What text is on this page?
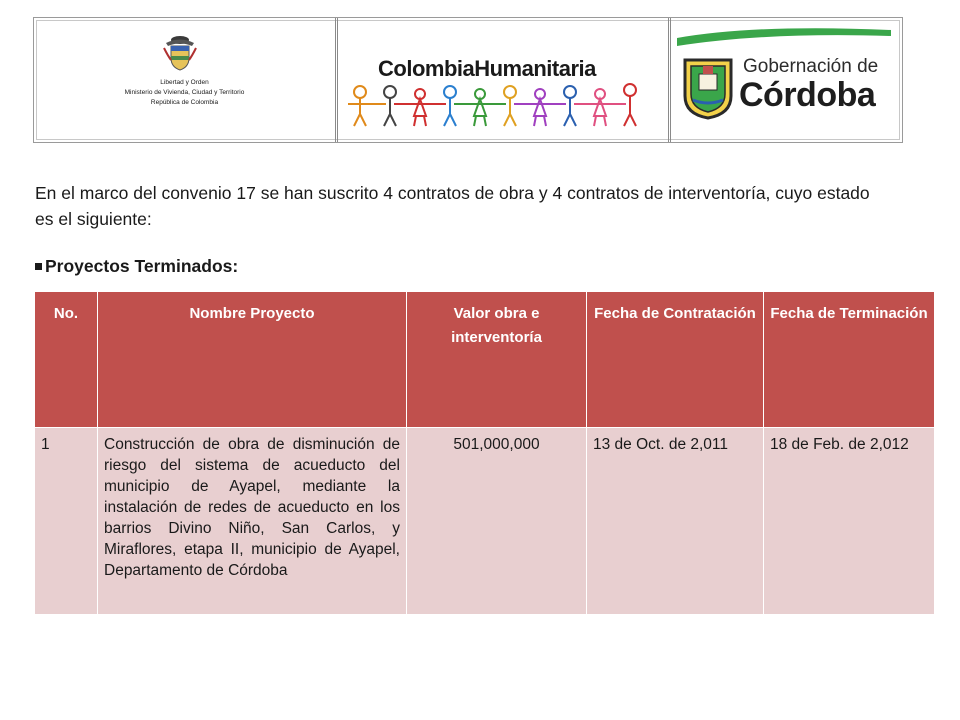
Libertad y Orden
Ministerio de Vivienda, Ciudad y Territorio
República de Colombia
ColombiaHumanitaria	Gobernación de
Córdoba
En el marco del convenio 17 se han suscrito 4 contratos de obra y 4 contratos de interventoría, cuyo estado es el siguiente:
Proyectos Terminados:
No.	Nombre Proyecto	Valor obra e interventoría	Fecha de Contratación	Fecha de Terminación
1	Construcción de obra de disminución de riesgo del sistema de acueducto del municipio de Ayapel, mediante la instalación de redes de acueducto en los barrios Divino Niño, San Carlos, y Miraflores, etapa II, municipio de Ayapel, Departamento de Córdoba	501,000,000	13 de Oct. de 2,011	18 de Feb. de 2,012
